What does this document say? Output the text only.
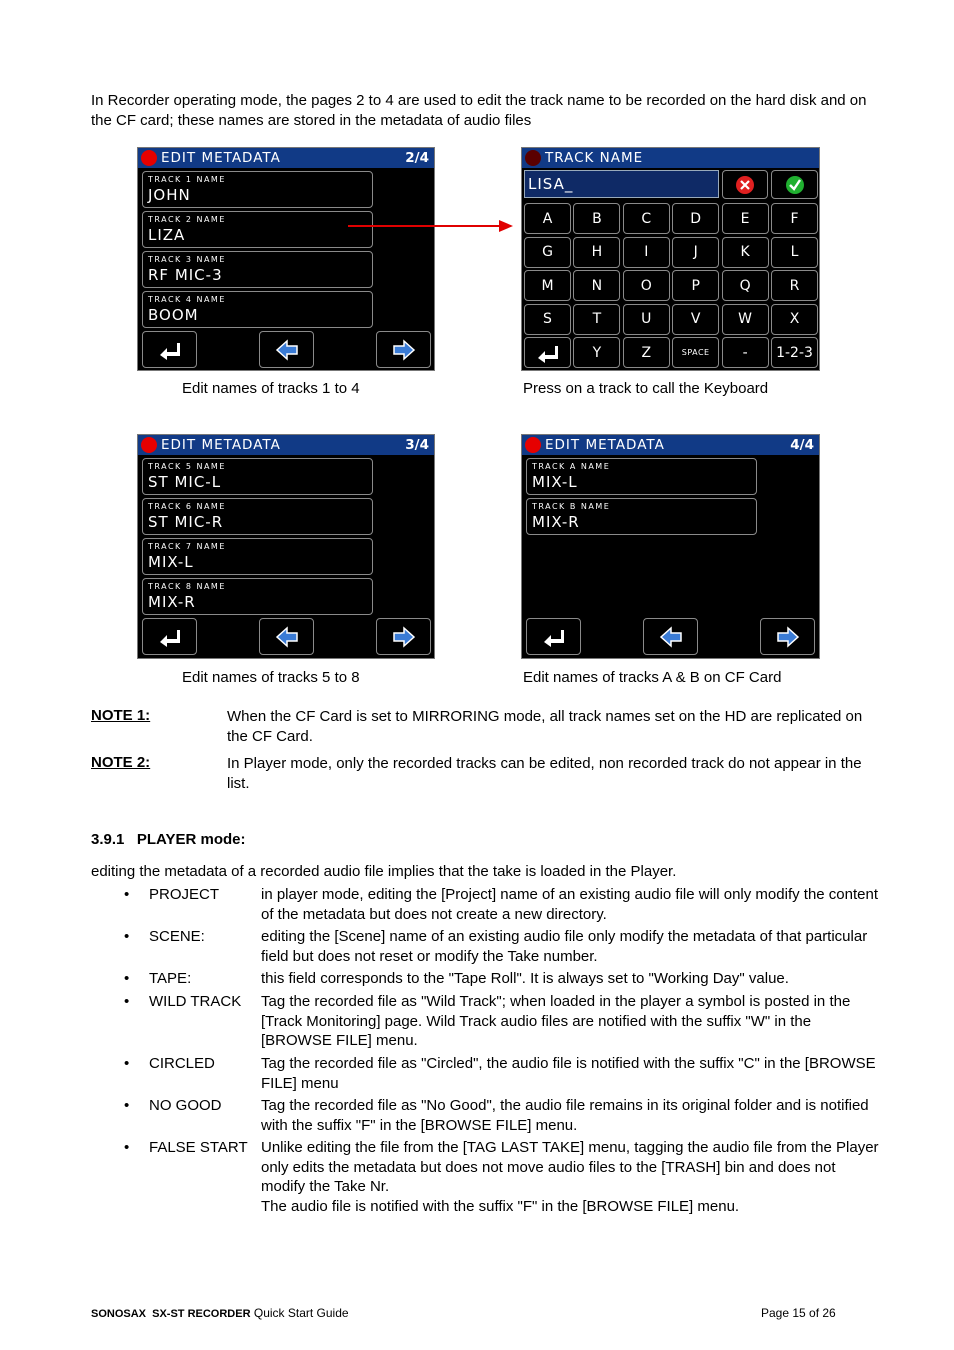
In Recorder operating mode, the pages 2 to 4 are used to edit the track name to be recorded on the hard disk and on the CF card; these names are stored in the metadata of audio files
EDIT METADATA	2/4
TRACK 1 NAME
JOHN
TRACK 2 NAME
LIZA
TRACK 3 NAME
RF MIC-3
TRACK 4 NAME
BOOM
TRACK NAME
LISA_
A	B	C	D	E	F
G	H	I	J	K	L
M	N	O	P	Q	R
S	T	U	V	W	X
Y	Z	SPACE	-	1-2-3
EDIT METADATA	3/4
TRACK 5 NAME
ST MIC-L
TRACK 6 NAME
ST MIC-R
TRACK 7 NAME
MIX-L
TRACK 8 NAME
MIX-R
EDIT METADATA	4/4
TRACK A NAME
MIX-L
TRACK B NAME
MIX-R
Edit names of tracks 1 to 4	Press on a track to call the Keyboard
Edit names of tracks 5 to 8	Edit names of tracks A & B on CF Card
NOTE 1:	When the CF Card is set to MIRRORING mode, all track names set on the HD are replicated on the CF Card.
NOTE 2:	In Player mode, only the recorded tracks can be edited, non recorded track do not appear in the list.
3.9.1   PLAYER mode:
editing the metadata of a recorded audio file implies that the take is loaded in the Player.
• PROJECT	in player mode, editing the [Project] name of an existing audio file will only modify the content of the metadata but does not create a new directory.
• SCENE:	editing the [Scene] name of an existing audio file only modify the metadata of that particular field but does not reset or modify the Take number.
• TAPE:	this field corresponds to the "Tape Roll". It is always set to "Working Day" value.
• WILD TRACK Tag the recorded file as "Wild Track"; when loaded in the player a symbol is posted in the [Track Monitoring] page. Wild Track audio files are notified with the suffix "W" in the [BROWSE FILE] menu.
• CIRCLED	Tag the recorded file as "Circled", the audio file is notified with the suffix "C" in the [BROWSE FILE] menu
• NO GOOD	Tag the recorded file as "No Good", the audio file remains in its original folder and is notified with the suffix "F" in the [BROWSE FILE] menu.
• FALSE START Unlike editing the file from the [TAG LAST TAKE] menu, tagging the audio file from the Player only edits the metadata but does not move audio files to the [TRASH] bin and does not modify the Take Nr.
The audio file is notified with the suffix "F" in the [BROWSE FILE] menu.
SONOSAX  SX-ST RECORDER Quick Start Guide	Page 15 of 26
